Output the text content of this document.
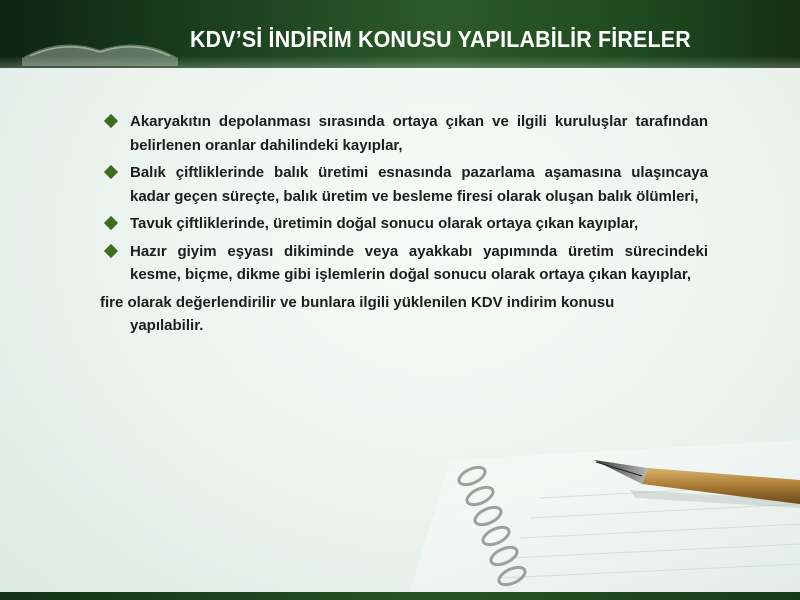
KDV’Sİ İNDİRİM KONUSU YAPILABİLİR FİRELER
Akaryakıtın depolanması sırasında ortaya çıkan ve ilgili kuruluşlar tarafından belirlenen oranlar dahilindeki kayıplar,
Balık çiftliklerinde balık üretimi esnasında pazarlama aşamasına ulaşıncaya kadar geçen süreçte, balık üretim ve besleme firesi olarak oluşan balık ölümleri,
Tavuk çiftliklerinde, üretimin doğal sonucu olarak ortaya çıkan kayıplar,
Hazır giyim eşyası dikiminde veya ayakkabı yapımında üretim sürecindeki kesme, biçme, dikme gibi işlemlerin doğal sonucu olarak ortaya çıkan kayıplar,

fire olarak değerlendirilir ve bunlara ilgili yüklenilen KDV indirim konusu
yapılabilir.
